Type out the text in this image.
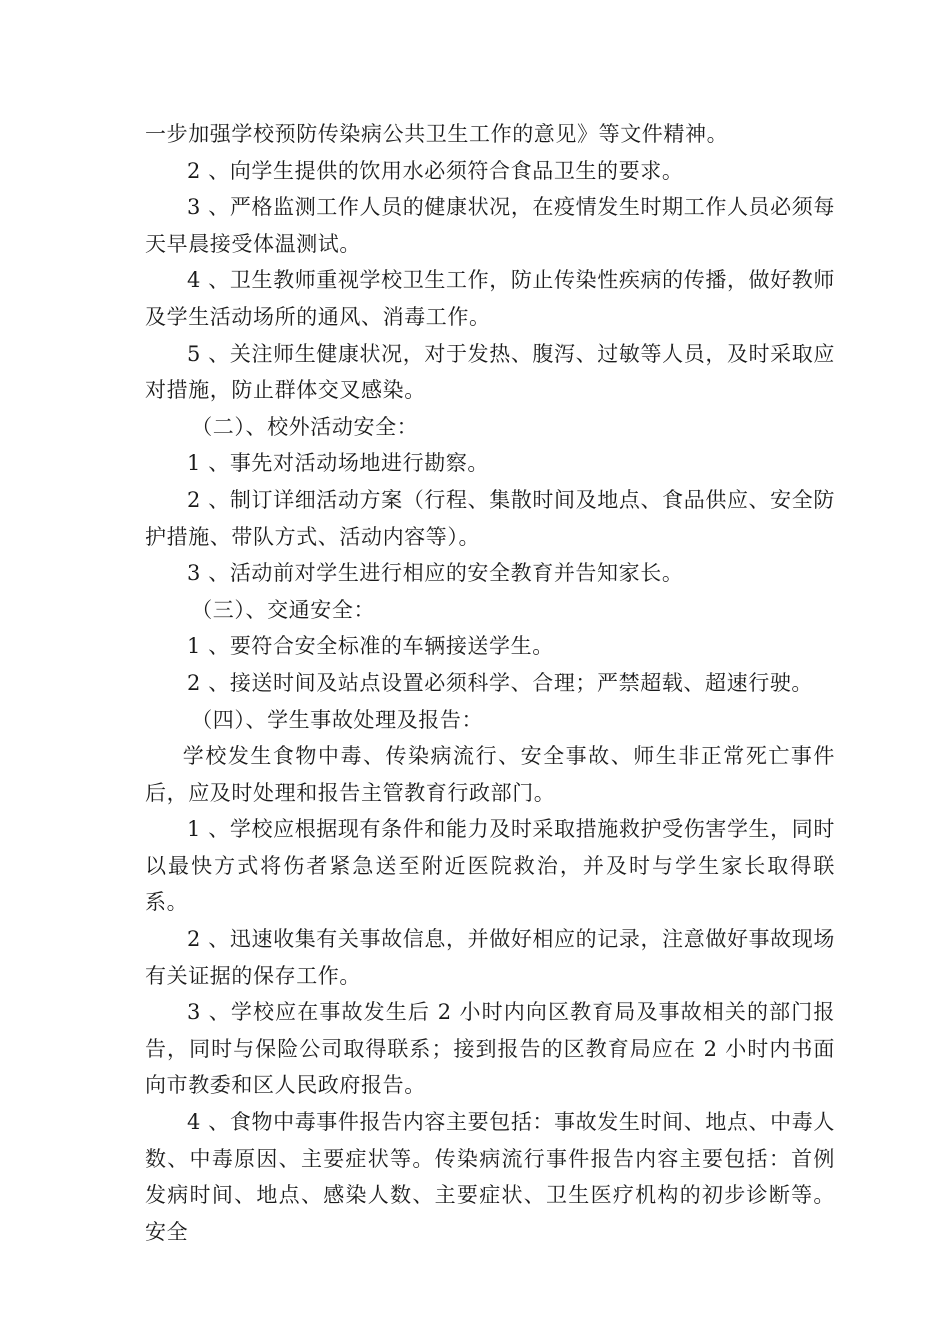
一步加强学校预防传染病公共卫生工作的意见》等文件精神。

2 、向学生提供的饮用水必须符合食品卫生的要求。

3 、严格监测工作人员的健康状况，在疫情发生时期工作人员必须每天早晨接受体温测试。

4 、卫生教师重视学校卫生工作，防止传染性疾病的传播，做好教师及学生活动场所的通风、消毒工作。

5 、关注师生健康状况，对于发热、腹泻、过敏等人员，及时采取应对措施，防止群体交叉感染。

（二）、校外活动安全：

1 、事先对活动场地进行勘察。

2 、制订详细活动方案（行程、集散时间及地点、食品供应、安全防护措施、带队方式、活动内容等）。

3 、活动前对学生进行相应的安全教育并告知家长。

（三）、交通安全：

1 、要符合安全标准的车辆接送学生。

2 、接送时间及站点设置必须科学、合理；严禁超载、超速行驶。

（四）、学生事故处理及报告：

学校发生食物中毒、传染病流行、安全事故、师生非正常死亡事件后，应及时处理和报告主管教育行政部门。

1 、学校应根据现有条件和能力及时采取措施救护受伤害学生，同时以最快方式将伤者紧急送至附近医院救治，并及时与学生家长取得联系。

2 、迅速收集有关事故信息，并做好相应的记录，注意做好事故现场有关证据的保存工作。

3 、学校应在事故发生后 2 小时内向区教育局及事故相关的部门报告，同时与保险公司取得联系；接到报告的区教育局应在 2 小时内书面向市教委和区人民政府报告。

4 、食物中毒事件报告内容主要包括：事故发生时间、地点、中毒人数、中毒原因、主要症状等。传染病流行事件报告内容主要包括：首例发病时间、地点、感染人数、主要症状、卫生医疗机构的初步诊断等。安全
